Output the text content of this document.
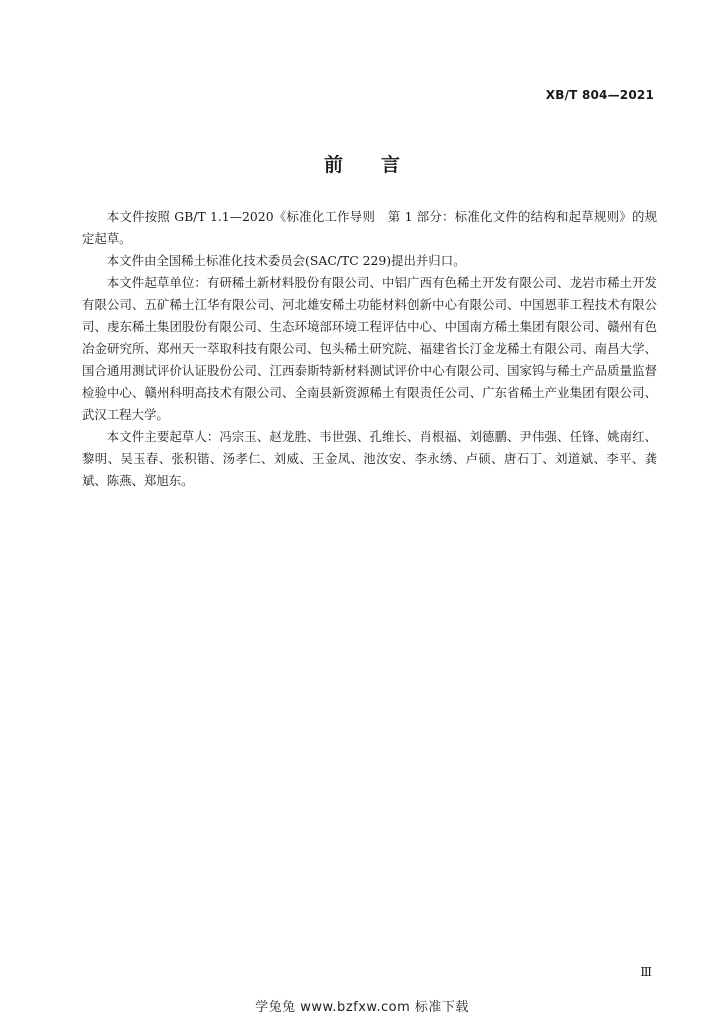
XB/T 804—2021
前言

本文件按照 GB/T 1.1—2020《标准化工作导则　第 1 部分：标准化文件的结构和起草规则》的规定起草。

本文件由全国稀土标准化技术委员会(SAC/TC 229)提出并归口。

本文件起草单位：有研稀土新材料股份有限公司、中铝广西有色稀土开发有限公司、龙岩市稀土开发有限公司、五矿稀土江华有限公司、河北雄安稀土功能材料创新中心有限公司、中国恩菲工程技术有限公司、虔东稀土集团股份有限公司、生态环境部环境工程评估中心、中国南方稀土集团有限公司、赣州有色冶金研究所、郑州天一萃取科技有限公司、包头稀土研究院、福建省长汀金龙稀土有限公司、南昌大学、国合通用测试评价认证股份公司、江西泰斯特新材料测试评价中心有限公司、国家钨与稀土产品质量监督检验中心、赣州科明高技术有限公司、全南县新资源稀土有限责任公司、广东省稀土产业集团有限公司、武汉工程大学。

本文件主要起草人：冯宗玉、赵龙胜、韦世强、孔维长、肖根福、刘德鹏、尹伟强、任锋、姚南红、黎明、吴玉春、张积锴、汤孝仁、刘威、王金凤、池汝安、李永绣、卢硕、唐石丁、刘道斌、李平、龚斌、陈燕、郑旭东。

Ⅲ
学兔兔 www.bzfxw.com 标准下载
